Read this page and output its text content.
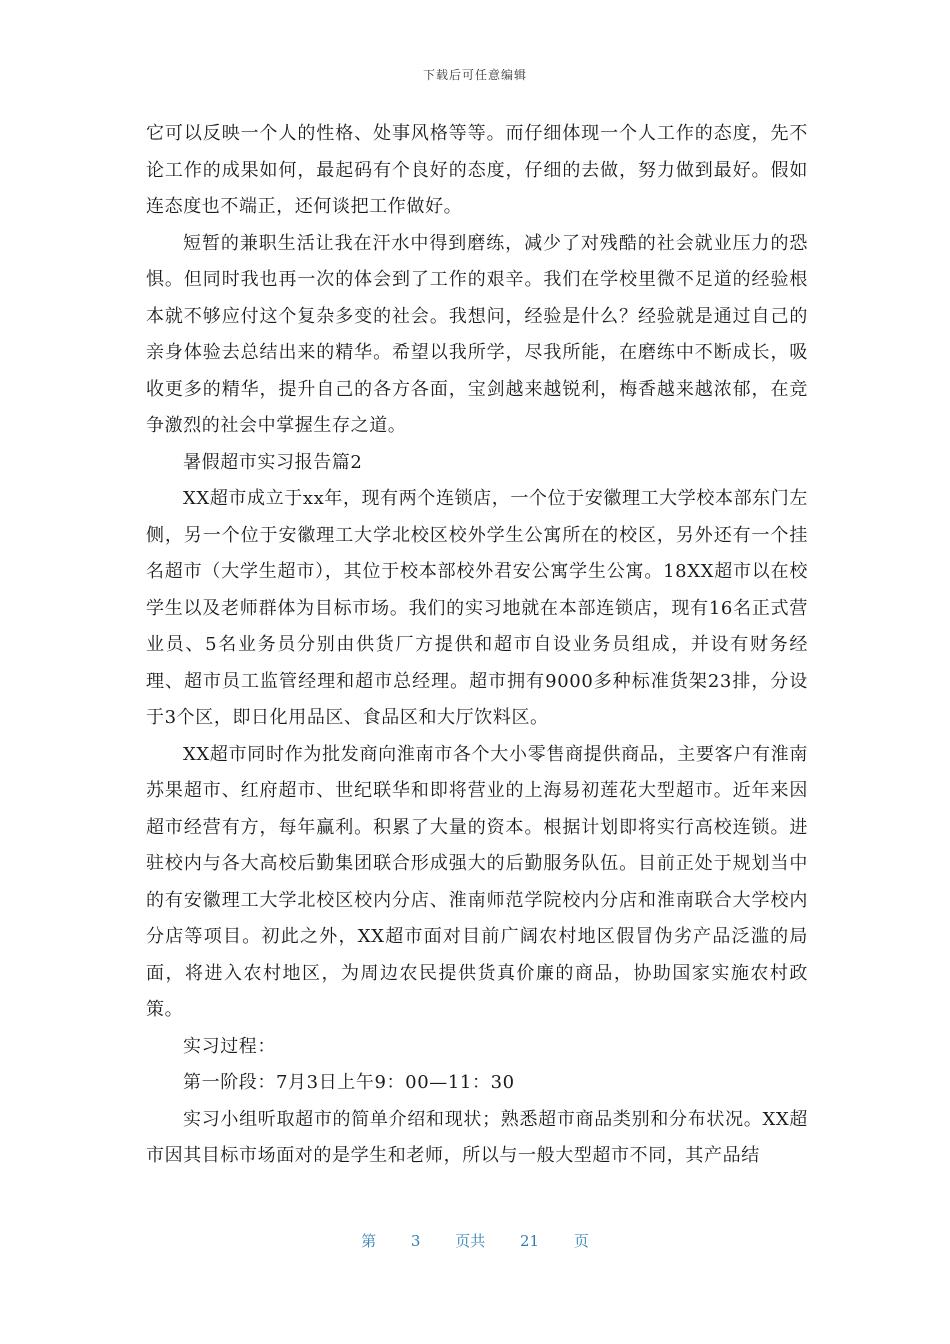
下载后可任意编辑

它可以反映一个人的性格、处事风格等等。而仔细体现一个人工作的态度，先不论工作的成果如何，最起码有个良好的态度，仔细的去做，努力做到最好。假如连态度也不端正，还何谈把工作做好。

短暂的兼职生活让我在汗水中得到磨练，减少了对残酷的社会就业压力的恐惧。但同时我也再一次的体会到了工作的艰辛。我们在学校里微不足道的经验根本就不够应付这个复杂多变的社会。我想问，经验是什么？经验就是通过自己的亲身体验去总结出来的精华。希望以我所学，尽我所能，在磨练中不断成长，吸收更多的精华，提升自己的各方各面，宝剑越来越锐利，梅香越来越浓郁，在竞争激烈的社会中掌握生存之道。

暑假超市实习报告篇2

XX超市成立于xx年，现有两个连锁店，一个位于安徽理工大学校本部东门左侧，另一个位于安徽理工大学北校区校外学生公寓所在的校区，另外还有一个挂名超市（大学生超市），其位于校本部校外君安公寓学生公寓。18XX超市以在校学生以及老师群体为目标市场。我们的实习地就在本部连锁店，现有16名正式营业员、5名业务员分别由供货厂方提供和超市自设业务员组成，并设有财务经理、超市员工监管经理和超市总经理。超市拥有9000多种标准货架23排，分设于3个区，即日化用品区、食品区和大厅饮料区。

XX超市同时作为批发商向淮南市各个大小零售商提供商品，主要客户有淮南苏果超市、红府超市、世纪联华和即将营业的上海易初莲花大型超市。近年来因超市经营有方，每年赢利。积累了大量的资本。根据计划即将实行高校连锁。进驻校内与各大高校后勤集团联合形成强大的后勤服务队伍。目前正处于规划当中的有安徽理工大学北校区校内分店、淮南师范学院校内分店和淮南联合大学校内分店等项目。初此之外，XX超市面对目前广阔农村地区假冒伪劣产品泛滥的局面，将进入农村地区，为周边农民提供货真价廉的商品，协助国家实施农村政策。

实习过程：

第一阶段：7月3日上午9：00—11：30

实习小组听取超市的简单介绍和现状；熟悉超市商品类别和分布状况。XX超市因其目标市场面对的是学生和老师，所以与一般大型超市不同，其产品结

第 3 页共 21 页
